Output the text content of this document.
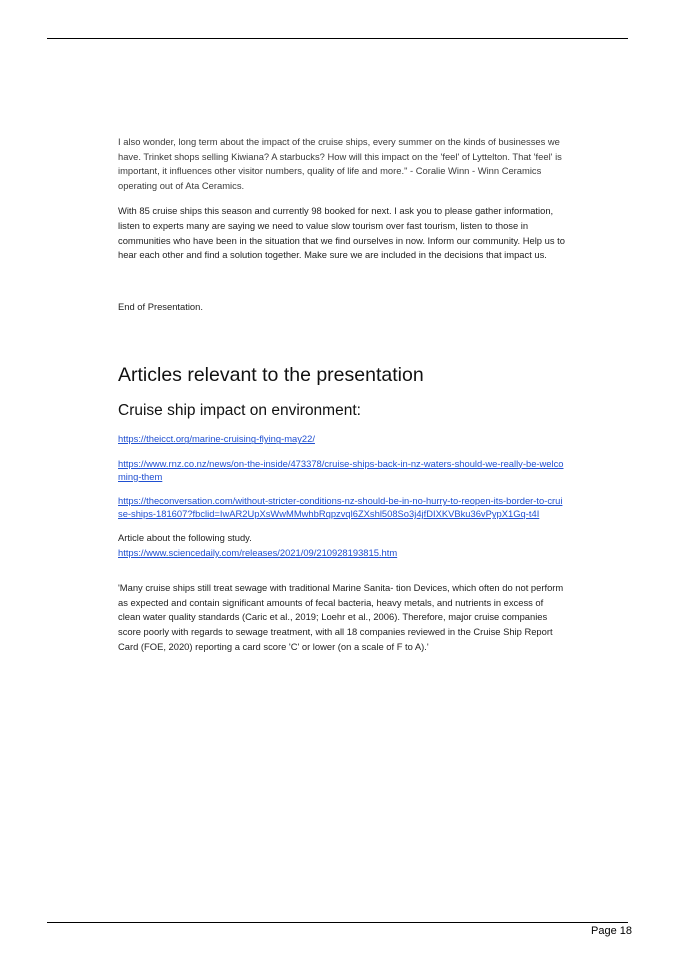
I also wonder, long term about the impact of the cruise ships, every summer on the kinds of businesses we have. Trinket shops selling Kiwiana? A starbucks? How will this impact on the 'feel' of Lyttelton. That 'feel' is important, it influences other visitor numbers, quality of life and more." - Coralie Winn - Winn Ceramics operating out of Ata Ceramics.

With 85 cruise ships this season and currently 98 booked for next. I ask you to please gather information, listen to experts many are saying we need to value slow tourism over fast tourism, listen to those in communities who have been in the situation that we find ourselves in now. Inform our community. Help us to hear each other and find a solution together. Make sure we are included in the decisions that impact us.

End of Presentation.

Articles relevant to the presentation
Cruise ship impact on environment:
https://theicct.org/marine-cruising-flying-may22/
https://www.rnz.co.nz/news/on-the-inside/473378/cruise-ships-back-in-nz-waters-should-we-really-be-welcoming-them
https://theconversation.com/without-stricter-conditions-nz-should-be-in-no-hurry-to-reopen-its-border-to-cruise-ships-181607?fbclid=IwAR2UpXsWwMMwhbRqpzvql6ZXshl508So3j4jfDIXKVBku36vPypX1Gq-t4I

Article about the following study.

https://www.sciencedaily.com/releases/2021/09/210928193815.htm

'Many cruise ships still treat sewage with traditional Marine Sanita- tion Devices, which often do not perform as expected and contain significant amounts of fecal bacteria, heavy metals, and nutrients in excess of clean water quality standards (Caric et al., 2019; Loehr et al., 2006). Therefore, major cruise companies score poorly with regards to sewage treatment, with all 18 companies reviewed in the Cruise Ship Report Card (FOE, 2020) reporting a card score 'C' or lower (on a scale of F to A).'

Page 18
